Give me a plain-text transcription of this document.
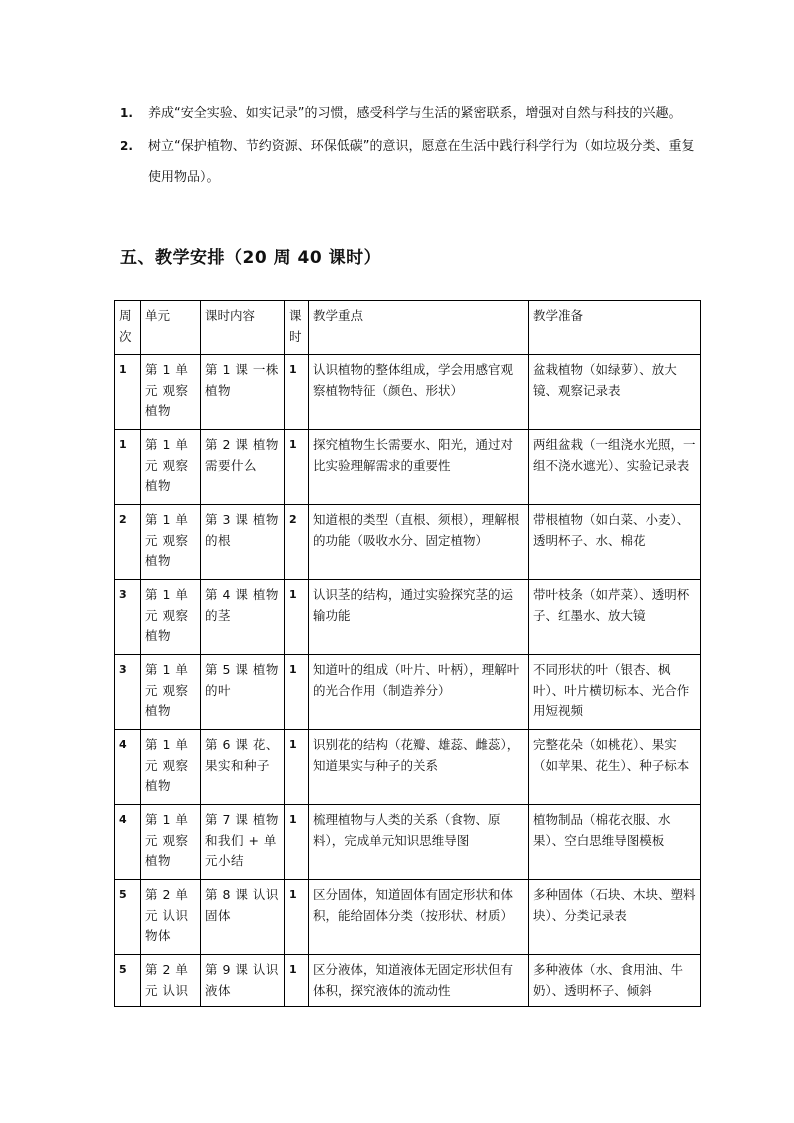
1. 养成“安全实验、如实记录”的习惯，感受科学与生活的紧密联系，增强对自然与科技的兴趣。
2. 树立“保护植物、节约资源、环保低碳”的意识，愿意在生活中践行科学行为（如垃圾分类、重复使用物品）。
五、教学安排（20 周 40 课时）
周次	单元	课时内容	课时	教学重点	教学准备
1	第 1 单元 观察植物	第 1 课 一株植物	1	认识植物的整体组成，学会用感官观察植物特征（颜色、形状）	盆栽植物（如绿萝）、放大镜、观察记录表
1	第 1 单元 观察植物	第 2 课 植物需要什么	1	探究植物生长需要水、阳光，通过对比实验理解需求的重要性	两组盆栽（一组浇水光照，一组不浇水遮光）、实验记录表
2	第 1 单元 观察植物	第 3 课 植物的根	2	知道根的类型（直根、须根），理解根的功能（吸收水分、固定植物）	带根植物（如白菜、小麦）、透明杯子、水、棉花
3	第 1 单元 观察植物	第 4 课 植物的茎	1	认识茎的结构，通过实验探究茎的运输功能	带叶枝条（如芹菜）、透明杯子、红墨水、放大镜
3	第 1 单元 观察植物	第 5 课 植物的叶	1	知道叶的组成（叶片、叶柄），理解叶的光合作用（制造养分）	不同形状的叶（银杏、枫叶）、叶片横切标本、光合作用短视频
4	第 1 单元 观察植物	第 6 课 花、果实和种子	1	识别花的结构（花瓣、雄蕊、雌蕊），知道果实与种子的关系	完整花朵（如桃花）、果实（如苹果、花生）、种子标本
4	第 1 单元 观察植物	第 7 课 植物和我们 + 单元小结	1	梳理植物与人类的关系（食物、原料），完成单元知识思维导图	植物制品（棉花衣服、水果）、空白思维导图模板
5	第 2 单元 认识物体	第 8 课 认识固体	1	区分固体，知道固体有固定形状和体积，能给固体分类（按形状、材质）	多种固体（石块、木块、塑料块）、分类记录表
5	第 2 单元 认识	第 9 课 认识液体	1	区分液体，知道液体无固定形状但有体积，探究液体的流动性	多种液体（水、食用油、牛奶）、透明杯子、倾斜
